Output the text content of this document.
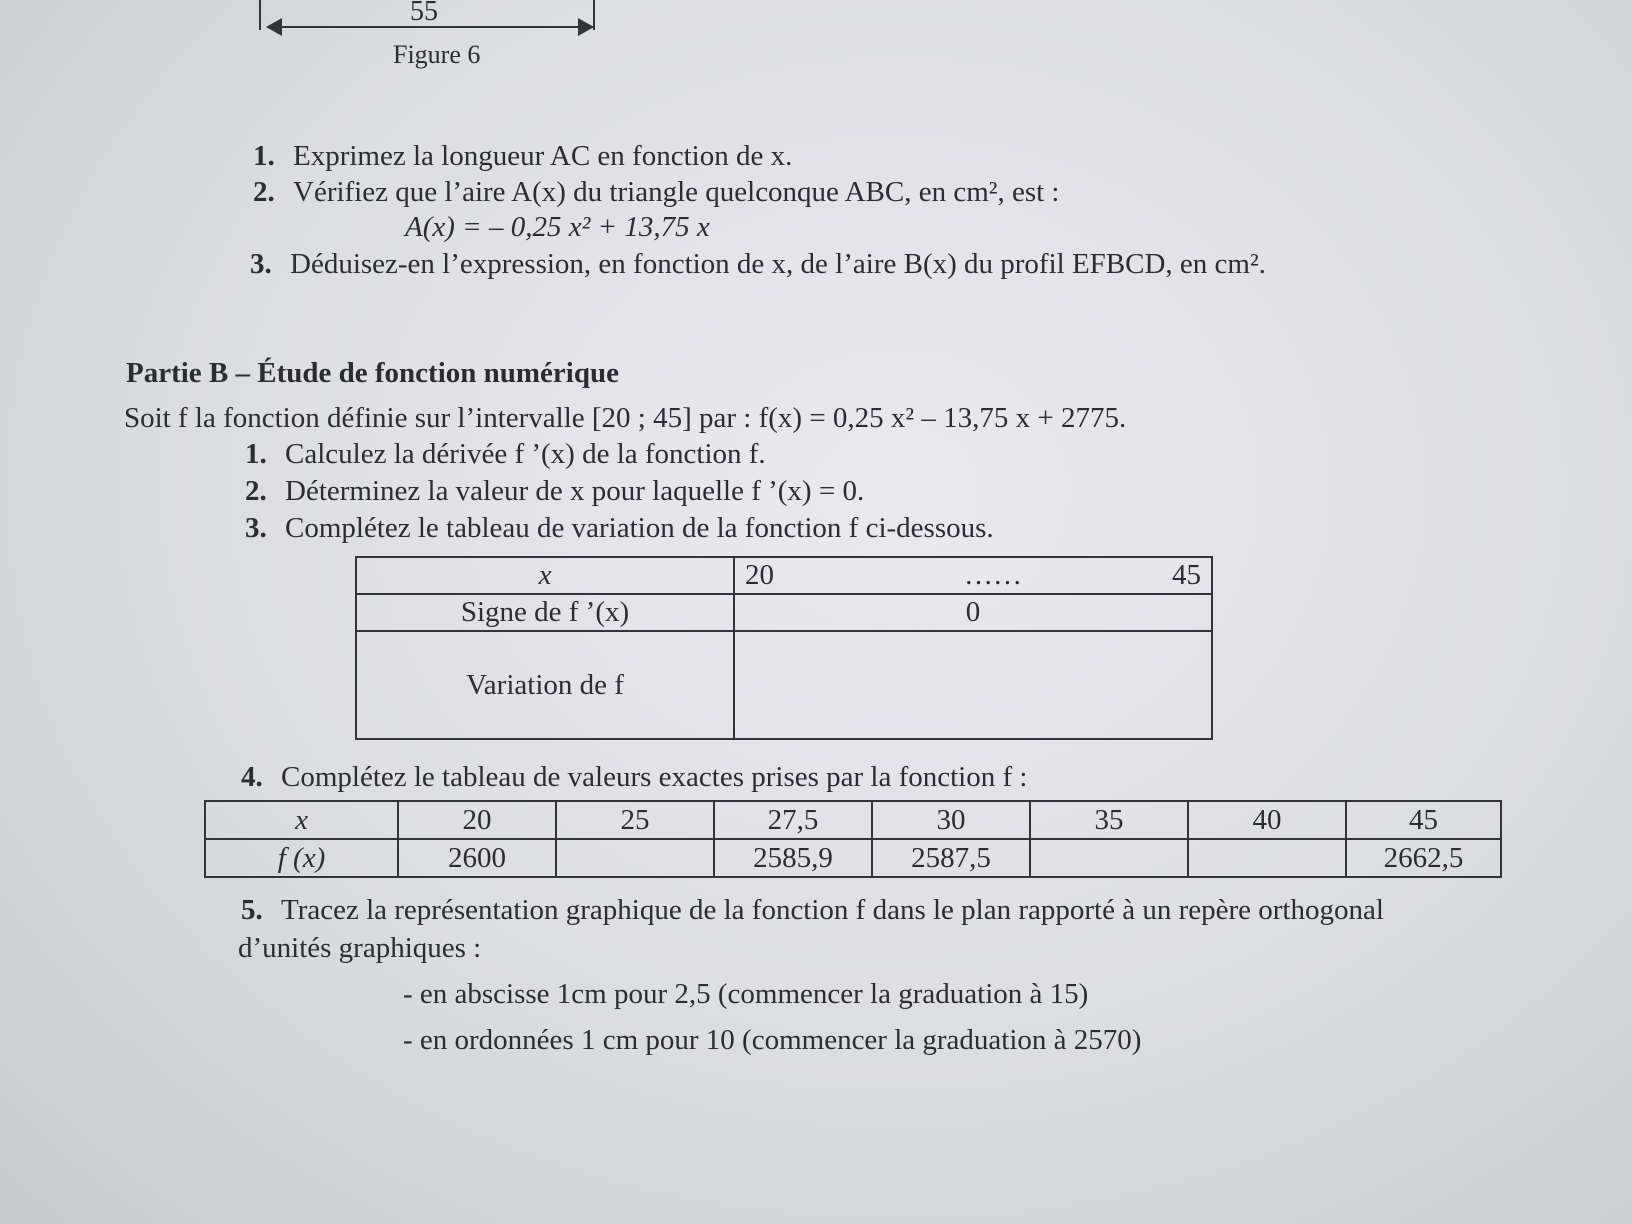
55
Figure 6
1. Exprimez la longueur AC en fonction de x.
2. Vérifiez que l’aire A(x) du triangle quelconque ABC, en cm², est :
A(x) = – 0,25 x² + 13,75 x
3. Déduisez-en l’expression, en fonction de x, de l’aire B(x) du profil EFBCD, en cm².
Partie B – Étude de fonction numérique
Soit f la fonction définie sur l’intervalle [20 ; 45] par : f(x) = 0,25 x² – 13,75 x + 2775.
1. Calculez la dérivée f ’(x) de la fonction f.
2. Déterminez la valeur de x pour laquelle f ’(x) = 0.
3. Complétez le tableau de variation de la fonction f ci-dessous.
x	20 …… 45

Signe de f ’(x)	0
Variation de f	
4. Complétez le tableau de valeurs exactes prises par la fonction f :
x	20	25	27,5	30	35	40	45
f (x)	2600		2585,9	2587,5			2662,5
5. Tracez la représentation graphique de la fonction f dans le plan rapporté à un repère orthogonal
d’unités graphiques :
- en abscisse 1cm pour 2,5 (commencer la graduation à 15)
- en ordonnées 1 cm pour 10 (commencer la graduation à 2570)
